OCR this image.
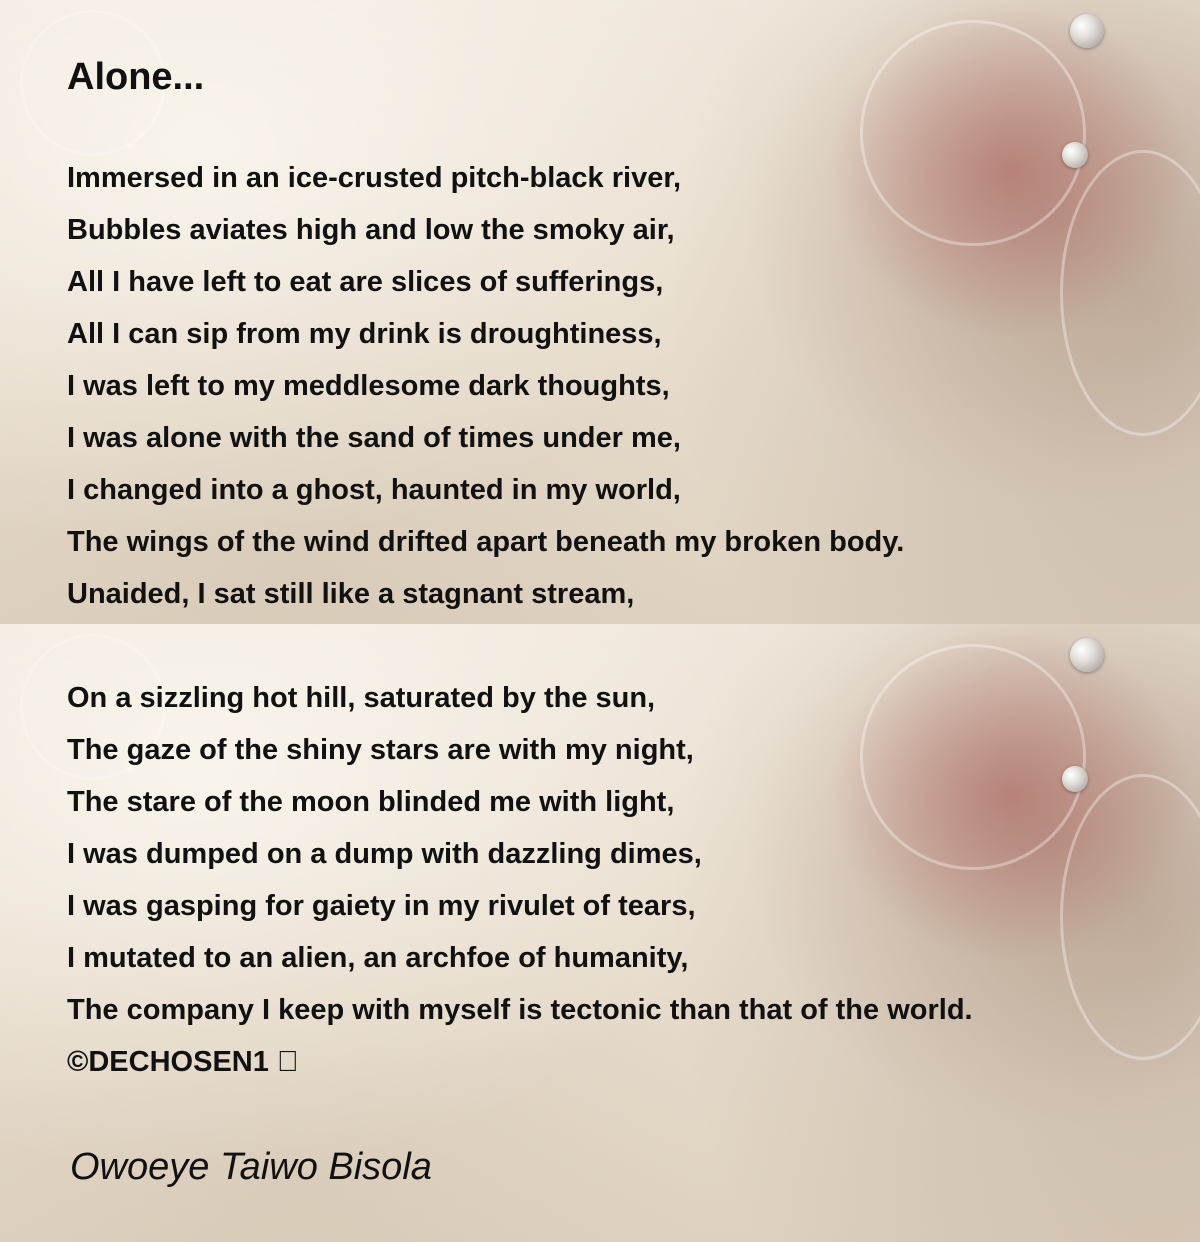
Alone...
Immersed in an ice-crusted pitch-black river,
Bubbles aviates high and low the smoky air,
All I have left to eat are slices of sufferings,
All I can sip from my drink is droughtiness,
I was left to my meddlesome dark thoughts,
I was alone with the sand of times under me,
I changed into a ghost, haunted in my world,
The wings of the wind drifted apart beneath my broken body.
Unaided, I sat still like a stagnant stream,
On a sizzling hot hill, saturated by the sun,
The gaze of the shiny stars are with my night,
The stare of the moon blinded me with light,
I was dumped on a dump with dazzling dimes,
I was gasping for gaiety in my rivulet of tears,
I mutated to an alien, an archfoe of humanity,
The company I keep with myself is tectonic than that of the world.
©DECHOSEN1 ⃞
Owoeye Taiwo Bisola
